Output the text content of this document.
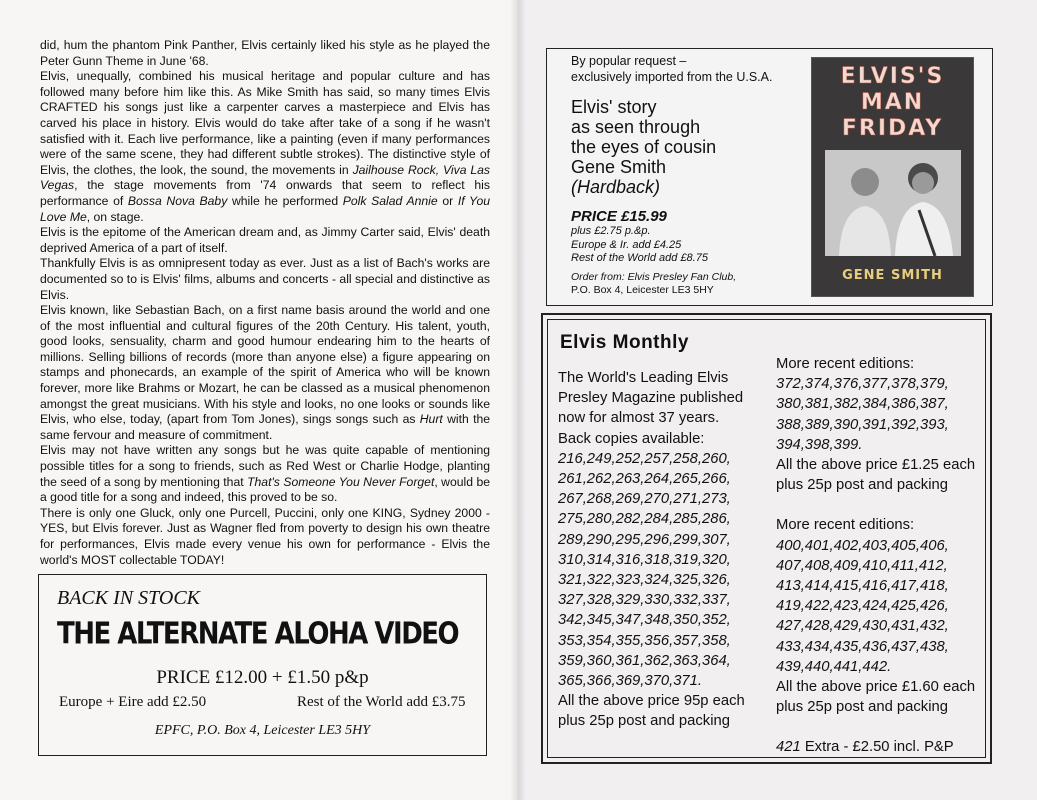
did, hum the phantom Pink Panther, Elvis certainly liked his style as he played the Peter Gunn Theme in June '68.

Elvis, unequally, combined his musical heritage and popular culture and has followed many before him like this. As Mike Smith has said, so many times Elvis CRAFTED his songs just like a carpenter carves a masterpiece and Elvis has carved his place in history. Elvis would do take after take of a song if he wasn't satisfied with it. Each live performance, like a painting (even if many performances were of the same scene, they had different subtle strokes). The distinctive style of Elvis, the clothes, the look, the sound, the movements in Jailhouse Rock, Viva Las Vegas, the stage movements from '74 onwards that seem to reflect his performance of Bossa Nova Baby while he performed Polk Salad Annie or If You Love Me, on stage.

Elvis is the epitome of the American dream and, as Jimmy Carter said, Elvis' death deprived America of a part of itself.

Thankfully Elvis is as omnipresent today as ever. Just as a list of Bach's works are documented so to is Elvis' films, albums and concerts - all special and distinctive as Elvis.

Elvis known, like Sebastian Bach, on a first name basis around the world and one of the most influential and cultural figures of the 20th Century. His talent, youth, good looks, sensuality, charm and good humour endearing him to the hearts of millions. Selling billions of records (more than anyone else) a figure appearing on stamps and phonecards, an example of the spirit of America who will be known forever, more like Brahms or Mozart, he can be classed as a musical phenomenon amongst the great musicians. With his style and looks, no one looks or sounds like Elvis, who else, today, (apart from Tom Jones), sings songs such as Hurt with the same fervour and measure of commitment.

Elvis may not have written any songs but he was quite capable of mentioning possible titles for a song to friends, such as Red West or Charlie Hodge, planting the seed of a song by mentioning that That's Someone You Never Forget, would be a good title for a song and indeed, this proved to be so.

There is only one Gluck, only one Purcell, Puccini, only one KING, Sydney 2000 - YES, but Elvis forever. Just as Wagner fled from poverty to design his own theatre for performances, Elvis made every venue his own for performance - Elvis the world's MOST collectable TODAY!

BACK IN STOCK
THE ALTERNATE ALOHA VIDEO
PRICE £12.00 + £1.50 p&p
Europe + Eire add £2.50	Rest of the World add £3.75
EPFC, P.O. Box 4, Leicester LE3 5HY
By popular request –
exclusively imported from the U.S.A.
Elvis' story
as seen through
the eyes of cousin
Gene Smith
(Hardback)
PRICE £15.99
plus £2.75 p.&p.
Europe & Ir. add £4.25
Rest of the World add £8.75
Order from: Elvis Presley Fan Club,
P.O. Box 4, Leicester LE3 5HY
ELVIS'S
MAN
FRIDAY
GENE SMITH
Elvis Monthly
The World's Leading Elvis Presley Magazine published now for almost 37 years.
Back copies available:
216,249,252,257,258,260, 261,262,263,264,265,266, 267,268,269,270,271,273, 275,280,282,284,285,286, 289,290,295,296,299,307, 310,314,316,318,319,320, 321,322,323,324,325,326, 327,328,329,330,332,337, 342,345,347,348,350,352, 353,354,355,356,357,358, 359,360,361,362,363,364, 365,366,369,370,371.
All the above price 95p each plus 25p post and packing
More recent editions:
372,374,376,377,378,379, 380,381,382,384,386,387, 388,389,390,391,392,393, 394,398,399.
All the above price £1.25 each plus 25p post and packing
More recent editions:
400,401,402,403,405,406, 407,408,409,410,411,412, 413,414,415,416,417,418, 419,422,423,424,425,426, 427,428,429,430,431,432, 433,434,435,436,437,438, 439,440,441,442.
All the above price £1.60 each plus 25p post and packing
421 Extra - £2.50 incl. P&P
